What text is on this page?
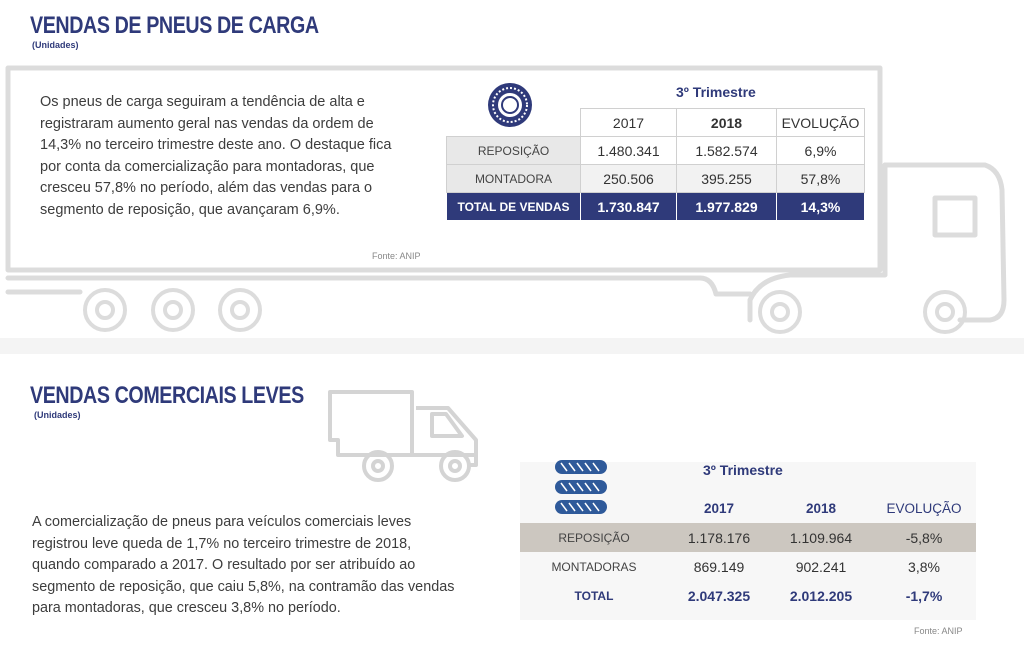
VENDAS DE PNEUS DE CARGA
(Unidades)
Os pneus de carga seguiram a tendência de alta e registraram aumento geral nas vendas da ordem de 14,3% no terceiro trimestre deste ano. O destaque fica por conta da comercialização para montadoras, que cresceu 57,8% no período, além das vendas para o segmento de reposição, que avançaram 6,9%.
Fonte: ANIP
3º Trimestre
	2017	2018	EVOLUÇÃO
REPOSIÇÃO	1.480.341	1.582.574	6,9%
MONTADORA	250.506	395.255	57,8%
TOTAL DE VENDAS	1.730.847	1.977.829	14,3%
VENDAS COMERCIAIS LEVES
(Unidades)
A comercialização de pneus para veículos comerciais leves registrou leve queda de 1,7% no terceiro trimestre de 2018, quando comparado a 2017. O resultado por ser atribuído ao segmento de reposição, que caiu 5,8%, na contramão das vendas para montadoras, que cresceu 3,8% no período.
3º Trimestre
	2017	2018	EVOLUÇÃO
REPOSIÇÃO	1.178.176	1.109.964	-5,8%
MONTADORAS	869.149	902.241	3,8%
TOTAL	2.047.325	2.012.205	-1,7%
Fonte: ANIP
